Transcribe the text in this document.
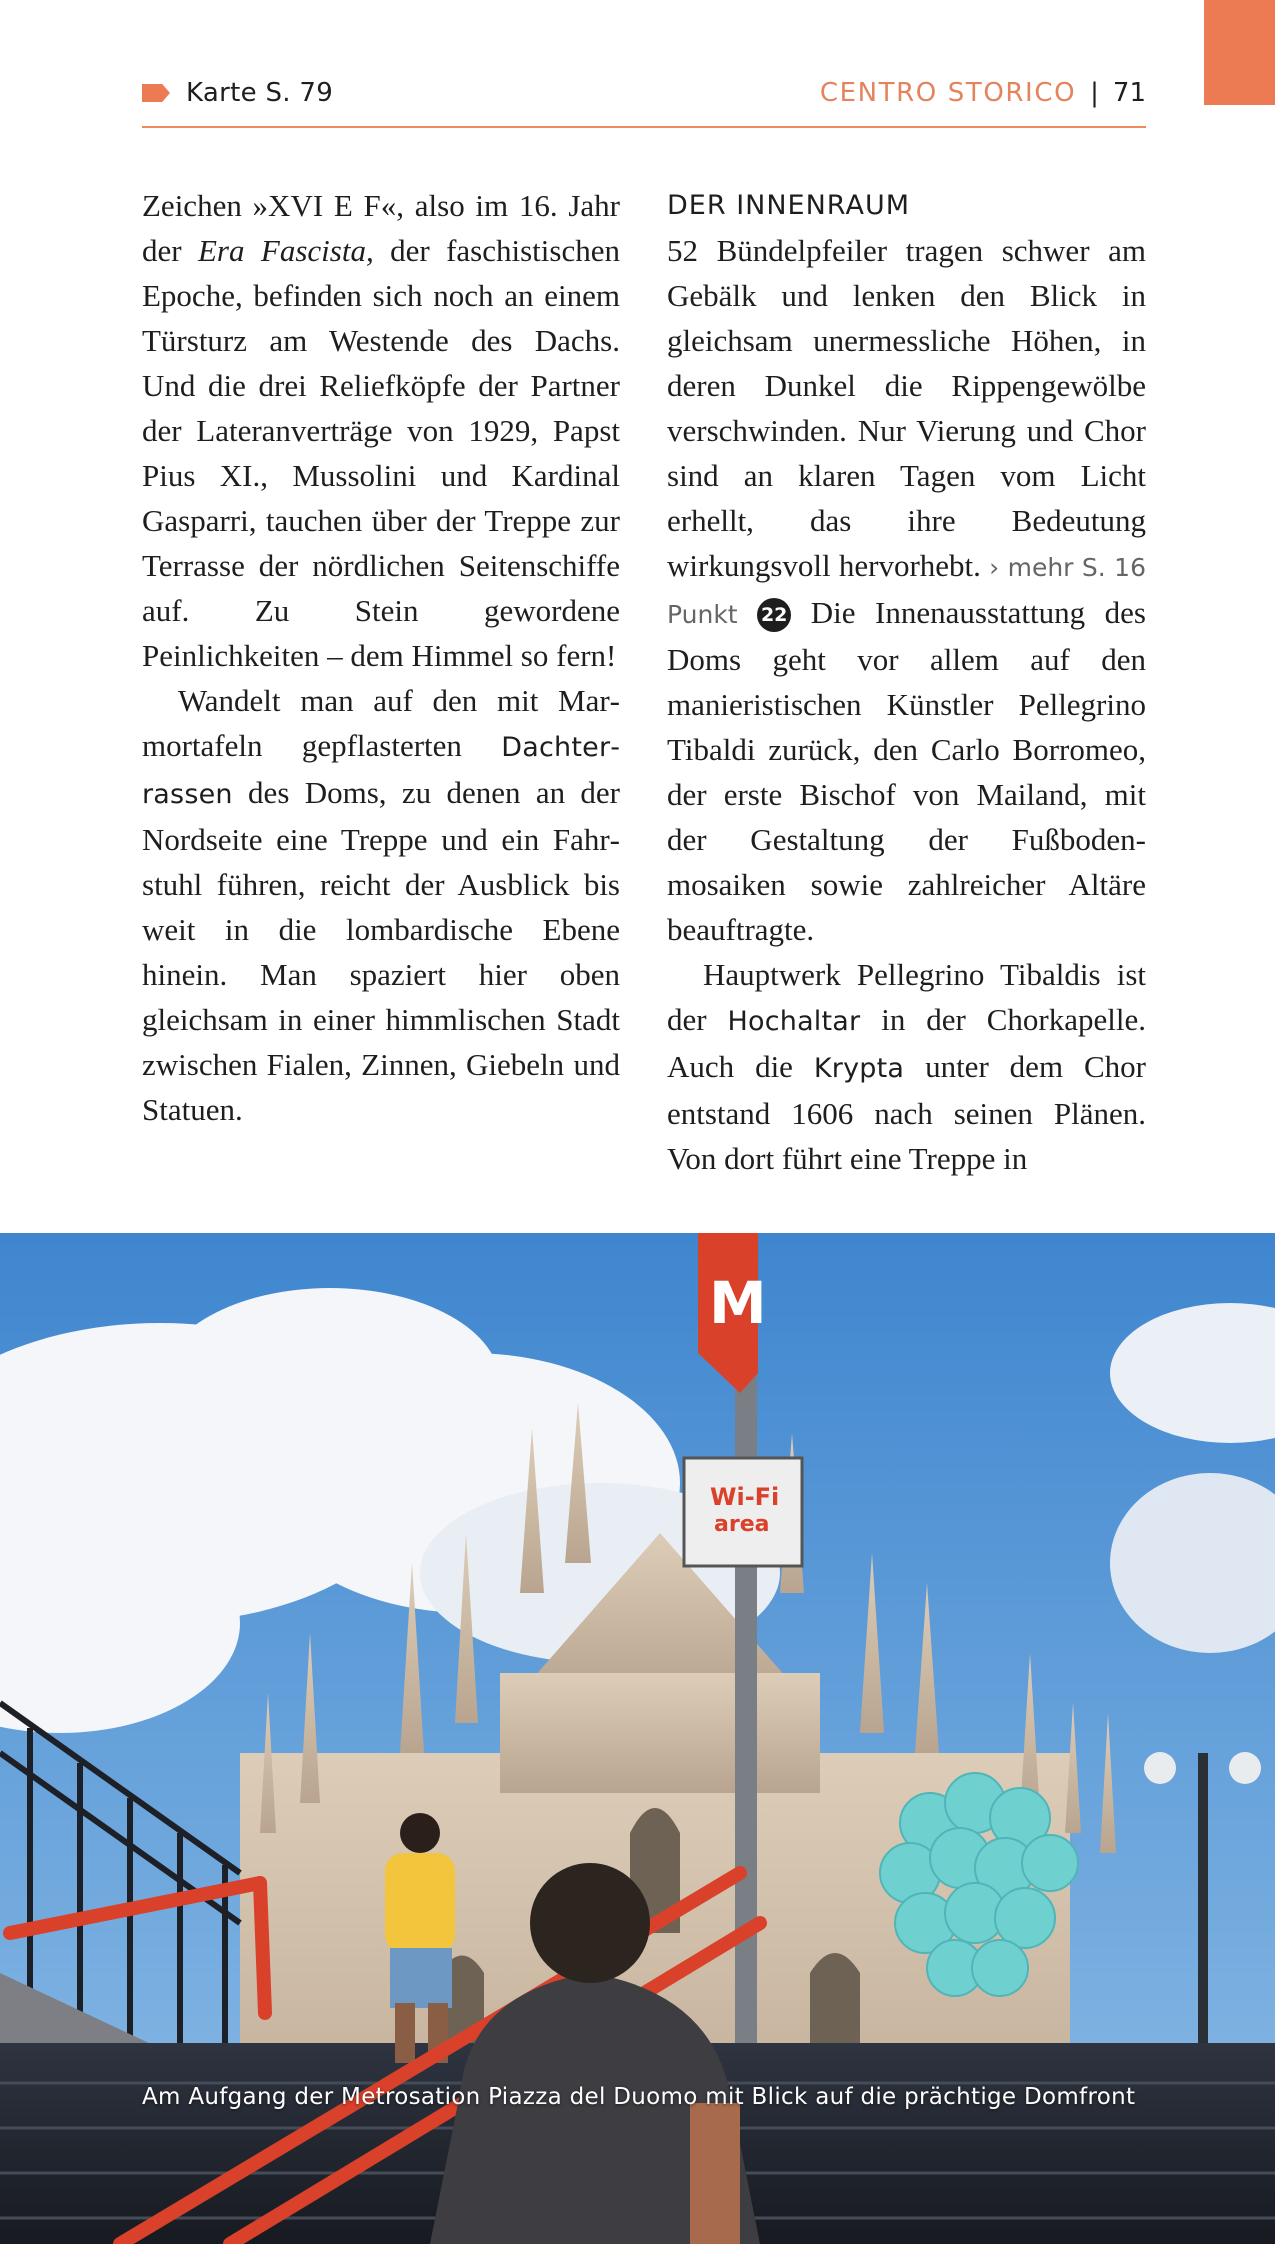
Karte S. 79	CENTRO STORICO | 71

Zeichen »XVI E F«, also im 16. Jahr der Era Fascista, der faschistischen Epoche, befinden sich noch an einem Türsturz am Westende des Dachs. Und die drei Reliefköpfe der Partner der Lateranverträge von 1929, Papst Pius XI., Mussolini und Kardinal Gasparri, tauchen über der Treppe zur Terrasse der nördlichen Seitenschiffe auf. Zu Stein gewordene Peinlichkeiten – dem Himmel so fern!

Wandelt man auf den mit Marmortafeln gepflasterten Dachterrassen des Doms, zu denen an der Nordseite eine Treppe und ein Fahrstuhl führen, reicht der Ausblick bis weit in die lombardische Ebene hinein. Man spaziert hier oben gleichsam in einer himmlischen Stadt zwischen Fialen, Zinnen, Giebeln und Statuen.

DER INNENRAUM

52 Bündelpfeiler tragen schwer am Gebälk und lenken den Blick in gleichsam unermessliche Höhen, in deren Dunkel die Rippengewölbe verschwinden. Nur Vierung und Chor sind an klaren Tagen vom Licht erhellt, das ihre Bedeutung wirkungsvoll hervorhebt. › mehr S. 16 Punkt 22 Die Innenausstattung des Doms geht vor allem auf den manieristischen Künstler Pellegrino Tibaldi zurück, den Carlo Borromeo, der erste Bischof von Mailand, mit der Gestaltung der Fußbodenmosaiken sowie zahlreicher Altäre beauftragte.

Hauptwerk Pellegrino Tibaldis ist der Hochaltar in der Chorkapelle. Auch die Krypta unter dem Chor entstand 1606 nach seinen Plänen. Von dort führt eine Treppe in

M
Wi-Fi
area
Am Aufgang der Metrosation Piazza del Duomo mit Blick auf die prächtige Domfront
